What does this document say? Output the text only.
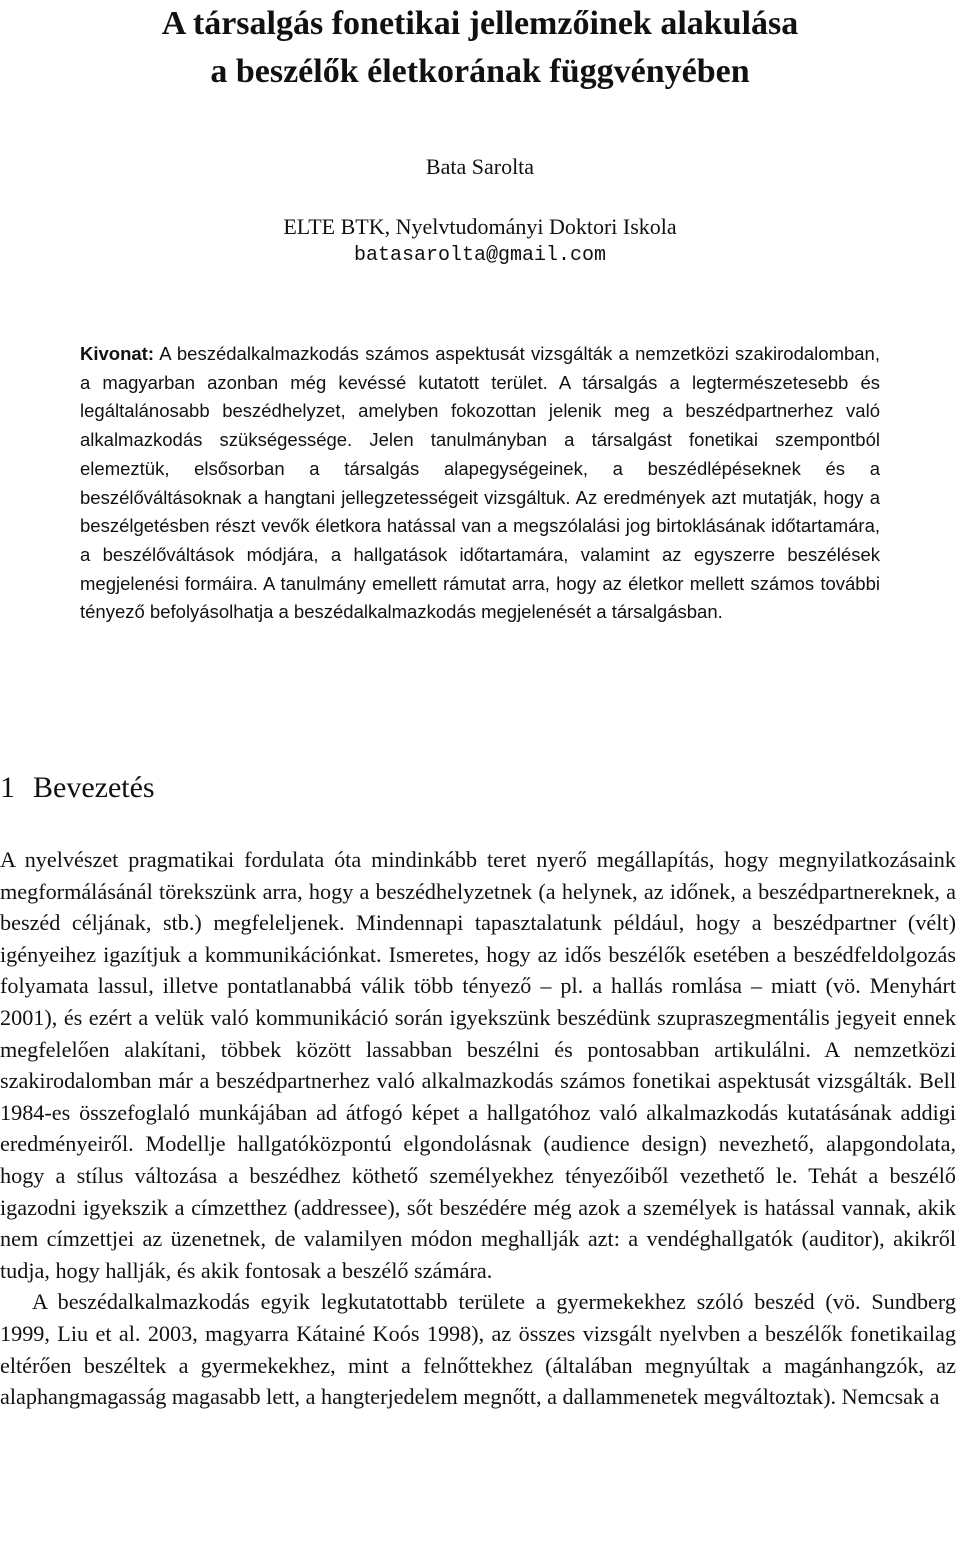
A társalgás fonetikai jellemzőinek alakulása
a beszélők életkorának függvényében
Bata Sarolta
ELTE BTK, Nyelvtudományi Doktori Iskola
batasarolta@gmail.com

Kivonat: A beszédalkalmazkodás számos aspektusát vizsgálták a nemzetközi szakirodalomban, a magyarban azonban még kevéssé kutatott terület. A társalgás a legtermészetesebb és legáltalánosabb beszédhelyzet, amelyben fokozottan jelenik meg a beszédpartnerhez való alkalmazkodás szükségessége. Jelen tanulmányban a társalgást fonetikai szempontból elemeztük, elsősorban a társalgás alapegységeinek, a beszédlépéseknek és a beszélőváltásoknak a hangtani jellegzetességeit vizsgáltuk. Az eredmények azt mutatják, hogy a beszélgetésben részt vevők életkora hatással van a megszólalási jog birtoklásának időtartamára, a beszélőváltások módjára, a hallgatások időtartamára, valamint az egyszerre beszélések megjelenési formáira. A tanulmány emellett rámutat arra, hogy az életkor mellett számos további tényező befolyásolhatja a beszédalkalmazkodás megjelenését a társalgásban.

1 Bevezetés

A nyelvészet pragmatikai fordulata óta mindinkább teret nyerő megállapítás, hogy megnyilatkozásaink megformálásánál törekszünk arra, hogy a beszédhelyzetnek (a helynek, az időnek, a beszédpartnereknek, a beszéd céljának, stb.) megfeleljenek. Mindennapi tapasztalatunk például, hogy a beszédpartner (vélt) igényeihez igazítjuk a kommunikációnkat. Ismeretes, hogy az idős beszélők esetében a beszédfeldolgozás folyamata lassul, illetve pontatlanabbá válik több tényező – pl. a hallás romlása – miatt (vö. Menyhárt 2001), és ezért a velük való kommunikáció során igyekszünk beszédünk szupraszegmentális jegyeit ennek megfelelően alakítani, többek között lassabban beszélni és pontosabban artikulálni. A nemzetközi szakirodalomban már a beszédpartnerhez való alkalmazkodás számos fonetikai aspektusát vizsgálták. Bell 1984-es összefoglaló munkájában ad átfogó képet a hallgatóhoz való alkalmazkodás kutatásának addigi eredményeiről. Modellje hallgatóközpontú elgondolásnak (audience design) nevezhető, alapgondolata, hogy a stílus változása a beszédhez köthető személyekhez tényezőiből vezethető le. Tehát a beszélő igazodni igyekszik a címzetthez (addressee), sőt beszédére még azok a személyek is hatással vannak, akik nem címzettjei az üzenetnek, de valamilyen módon meghallják azt: a vendéghallgatók (auditor), akikről tudja, hogy hallják, és akik fontosak a beszélő számára.

A beszédalkalmazkodás egyik legkutatottabb területe a gyermekekhez szóló beszéd (vö. Sundberg 1999, Liu et al. 2003, magyarra Kátainé Koós 1998), az összes vizsgált nyelvben a beszélők fonetikailag eltérően beszéltek a gyermekekhez, mint a felnőttekhez (általában megnyúltak a magánhangzók, az alaphangmagasság magasabb lett, a hangterjedelem megnőtt, a dallammenetek megváltoztak). Nemcsak a
